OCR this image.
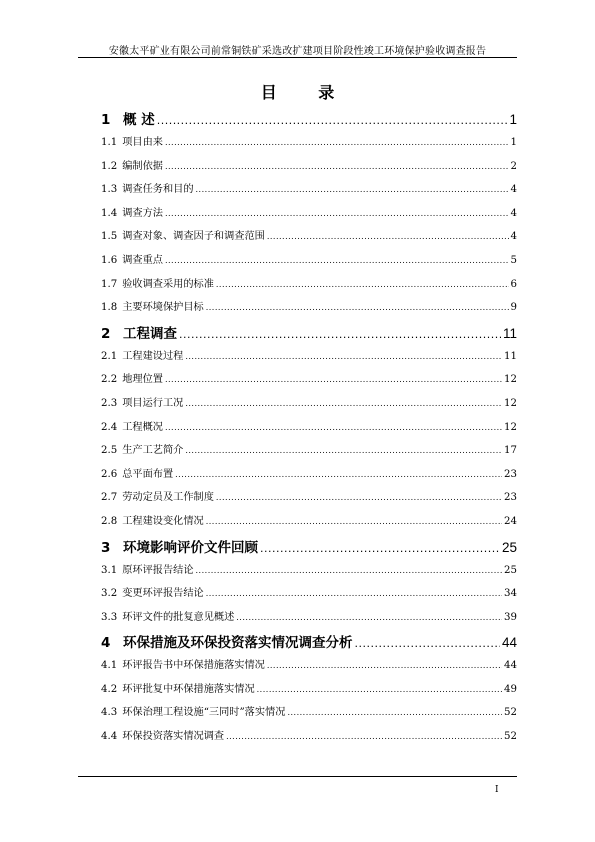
安徽太平矿业有限公司前常铜铁矿采选改扩建项目阶段性竣工环境保护验收调查报告
目 录
1 概 述 .....	1
1.1 项目由来 .....	1
1.2 编制依据 .....	2
1.3 调查任务和目的 .....	4
1.4 调查方法 .....	4
1.5 调查对象、调查因子和调查范围 .....	4
1.6 调查重点 .....	5
1.7 验收调查采用的标准 .....	6
1.8 主要环境保护目标 .....	9
2 工程调查 .....	11
2.1 工程建设过程 .....	11
2.2 地理位置 .....	12
2.3 项目运行工况 .....	12
2.4 工程概况 .....	12
2.5 生产工艺简介 .....	17
2.6 总平面布置 .....	23
2.7 劳动定员及工作制度 .....	23
2.8 工程建设变化情况 .....	24
3 环境影响评价文件回顾 .....	25
3.1 原环评报告结论 .....	25
3.2 变更环评报告结论 .....	34
3.3 环评文件的批复意见概述 .....	39
4 环保措施及环保投资落实情况调查分析 .....	44
4.1 环评报告书中环保措施落实情况 .....	44
4.2 环评批复中环保措施落实情况 .....	49
4.3 环保治理工程设施“三同时”落实情况 .....	52
4.4 环保投资落实情况调查 .....	52
I
